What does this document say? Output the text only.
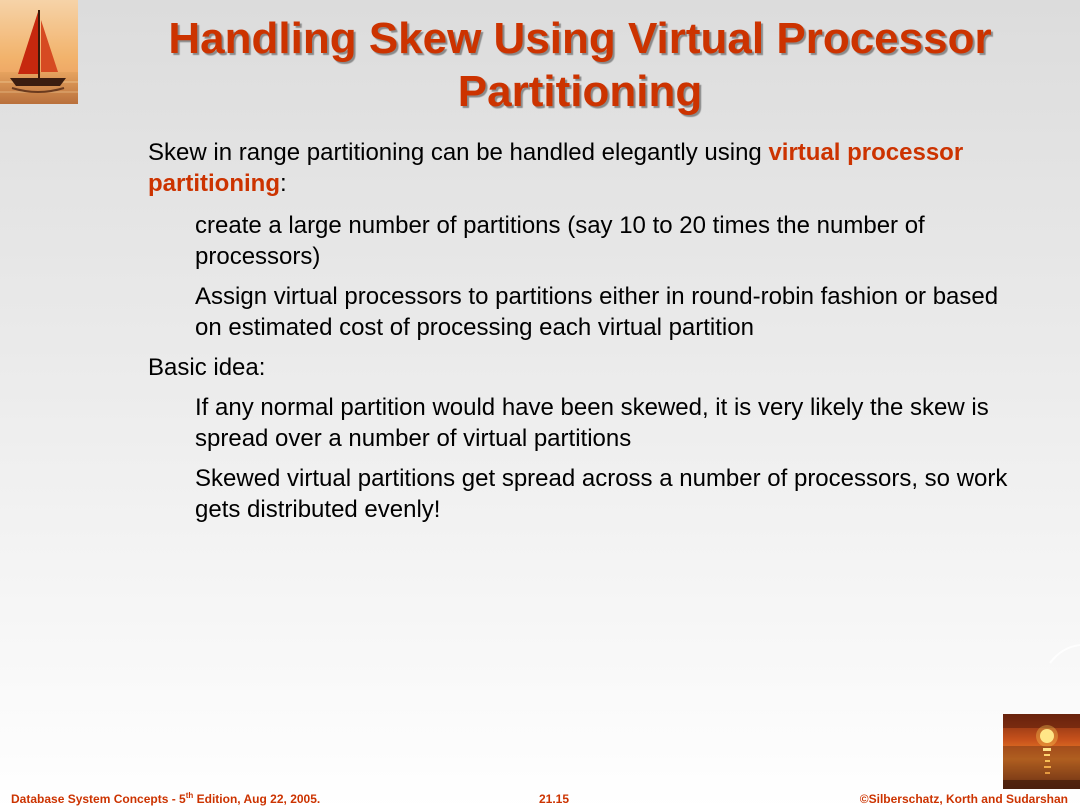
Handling Skew Using Virtual Processor Partitioning

Skew in range partitioning can be handled elegantly using virtual processor partitioning:

create a large number of partitions (say 10 to 20 times the number of processors)

Assign virtual processors to partitions either in round-robin fashion or based on estimated cost of processing each virtual partition

Basic idea:

If any normal partition would have been skewed, it is very likely the skew is spread over a number of virtual partitions

Skewed virtual partitions get spread across a number of processors, so work gets distributed evenly!

Database System Concepts - 5th Edition, Aug 22, 2005.	21.15	©Silberschatz, Korth and Sudarshan
